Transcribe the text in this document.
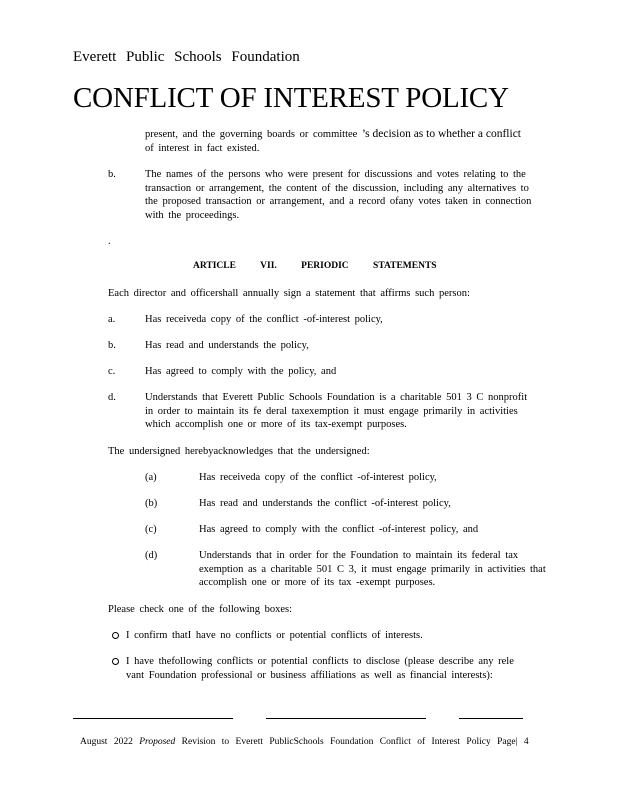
Everett Public Schools Foundation
CONFLICT OF INTEREST POLICY
present, and the governing boards or committee ’s decision as to whether a conflict
of interest in fact existed.
b.	The names of the persons who were present for discussions and votes relating to the transaction or arrangement, the content of the discussion, including any alternatives to the proposed transaction or arrangement, and a record ofany votes taken in connection with the proceedings.
.
ARTICLE VII. PERIODIC STATEMENTS
Each director and officershall annually sign a statement that affirms such person:
a.	Has receiveda copy of the conflict -of-interest policy,
b.	Has read and understands the policy,
c.	Has agreed to comply with the policy, and
d.	Understands that Everett Public Schools Foundation is a charitable 501 3 C nonprofit in order to maintain its fe deral taxexemption it must engage primarily in activities which accomplish one or more of its tax-exempt purposes.
The undersigned herebyacknowledges that the undersigned:
(a)	Has receiveda copy of the conflict -of-interest policy,
(b)	Has read and understands the conflict -of-interest policy,
(c)	Has agreed to comply with the conflict -of-interest policy, and
(d)	Understands that in order for the Foundation to maintain its federal tax exemption as a charitable 501 C 3, it must engage primarily in activities that accomplish one or more of its tax -exempt purposes.
Please check one of the following boxes:
I confirm thatI have no conflicts or potential conflicts of interests.
I have thefollowing conflicts or potential conflicts to disclose (please describe any rele vant Foundation professional or business affiliations as well as financial interests):
August 2022 Proposed Revision to Everett PublicSchools Foundation Conflict of Interest Policy Page| 4
